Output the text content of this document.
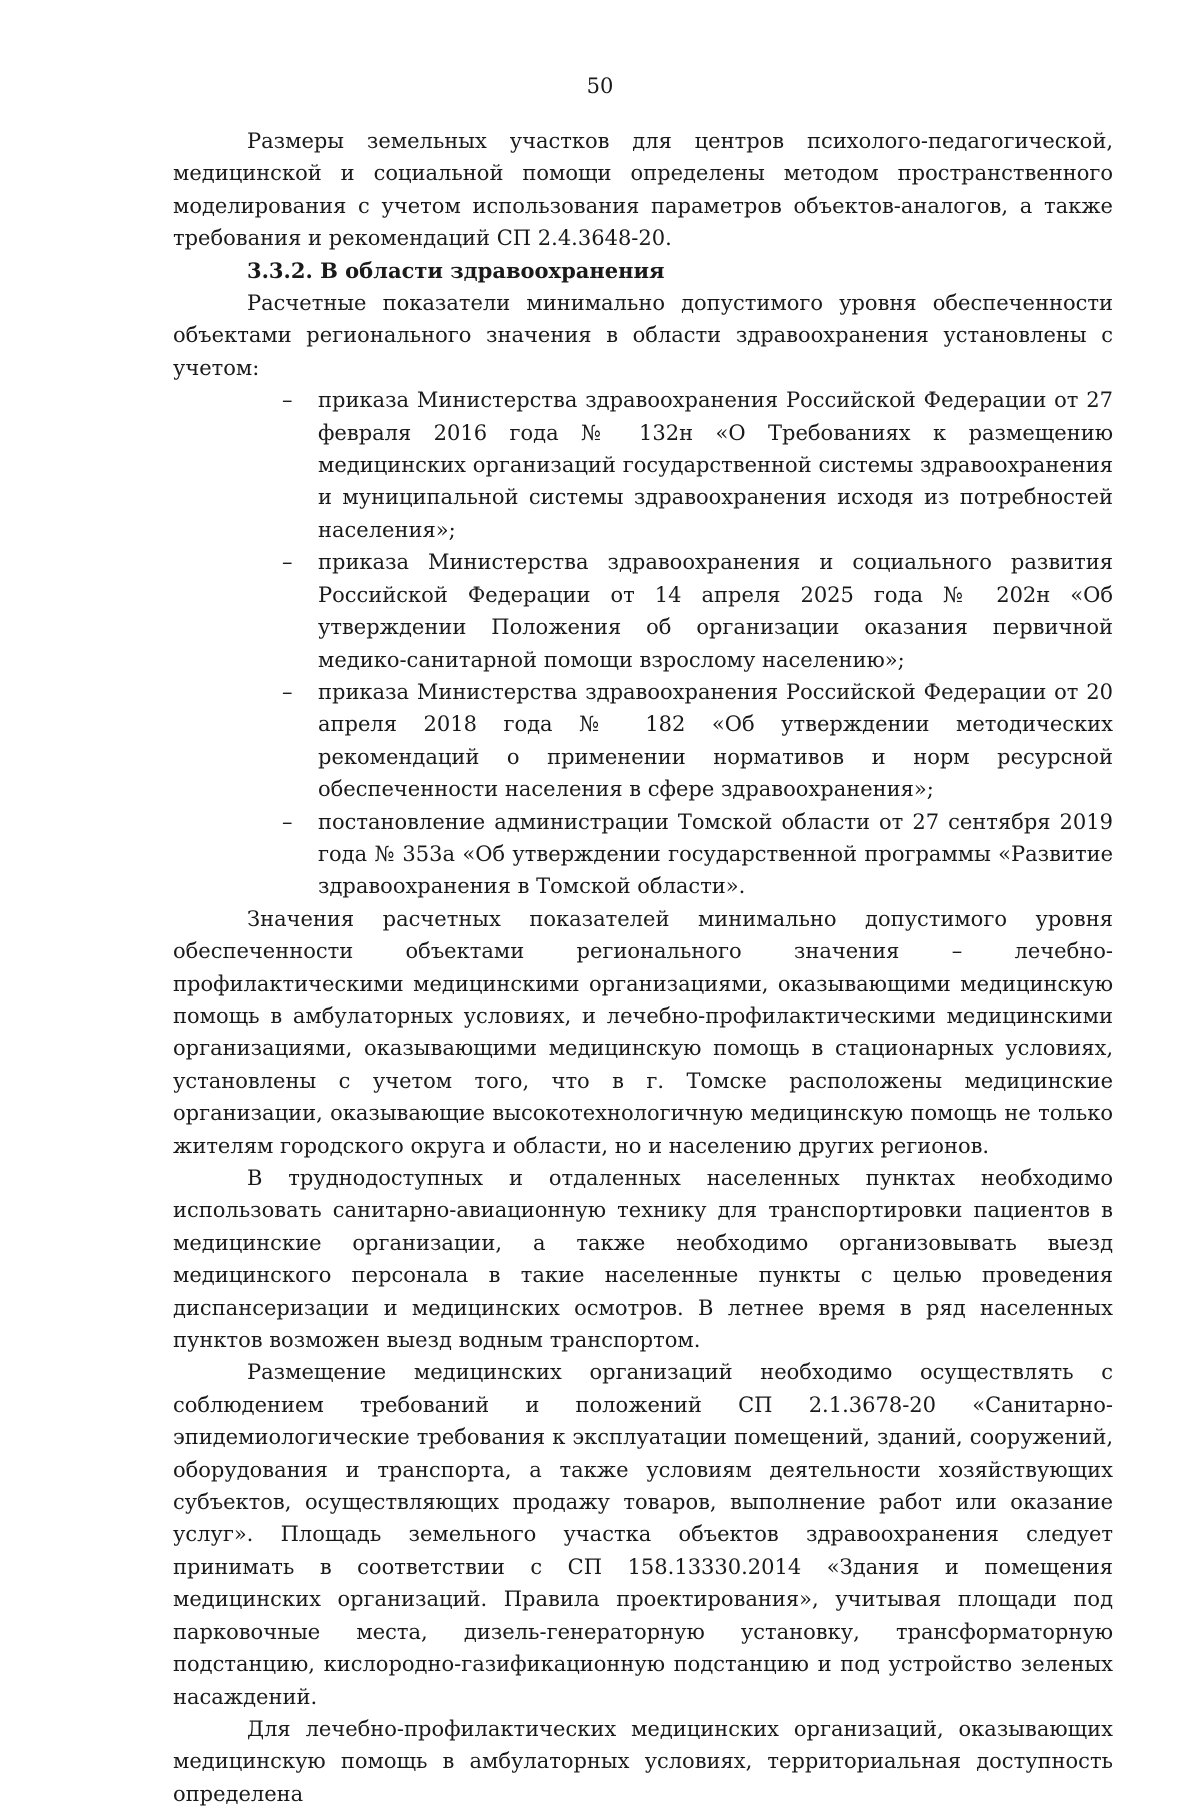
50

Размеры земельных участков для центров психолого-педагогической, медицинской и социальной помощи определены методом пространственного моделирования с учетом использования параметров объектов-аналогов, а также требования и рекомендаций СП 2.4.3648-20.

3.3.2. В области здравоохранения

Расчетные показатели минимально допустимого уровня обеспеченности объектами регионального значения в области здравоохранения установлены с учетом:

– приказа Министерства здравоохранения Российской Федерации от 27 февраля 2016 года № 132н «О Требованиях к размещению медицинских организаций государственной системы здравоохранения и муниципальной системы здравоохранения исходя из потребностей населения»;
– приказа Министерства здравоохранения и социального развития Российской Федерации от 14 апреля 2025 года № 202н «Об утверждении Положения об организации оказания первичной медико-санитарной помощи взрослому населению»;
– приказа Министерства здравоохранения Российской Федерации от 20 апреля 2018 года № 182 «Об утверждении методических рекомендаций о применении нормативов и норм ресурсной обеспеченности населения в сфере здравоохранения»;
– постановление администрации Томской области от 27 сентября 2019 года № 353а «Об утверждении государственной программы «Развитие здравоохранения в Томской области».

Значения расчетных показателей минимально допустимого уровня обеспеченности объектами регионального значения – лечебно-профилактическими медицинскими организациями, оказывающими медицинскую помощь в амбулаторных условиях, и лечебно-профилактическими медицинскими организациями, оказывающими медицинскую помощь в стационарных условиях, установлены с учетом того, что в г. Томске расположены медицинские организации, оказывающие высокотехнологичную медицинскую помощь не только жителям городского округа и области, но и населению других регионов.

В труднодоступных и отдаленных населенных пунктах необходимо использовать санитарно-авиационную технику для транспортировки пациентов в медицинские организации, а также необходимо организовывать выезд медицинского персонала в такие населенные пункты с целью проведения диспансеризации и медицинских осмотров. В летнее время в ряд населенных пунктов возможен выезд водным транспортом.

Размещение медицинских организаций необходимо осуществлять с соблюдением требований и положений СП 2.1.3678-20 «Санитарно-эпидемиологические требования к эксплуатации помещений, зданий, сооружений, оборудования и транспорта, а также условиям деятельности хозяйствующих субъектов, осуществляющих продажу товаров, выполнение работ или оказание услуг». Площадь земельного участка объектов здравоохранения следует принимать в соответствии с СП 158.13330.2014 «Здания и помещения медицинских организаций. Правила проектирования», учитывая площади под парковочные места, дизель-генераторную установку, трансформаторную подстанцию, кислородно-газификационную подстанцию и под устройство зеленых насаждений.

Для лечебно-профилактических медицинских организаций, оказывающих медицинскую помощь в амбулаторных условиях, территориальная доступность определена
